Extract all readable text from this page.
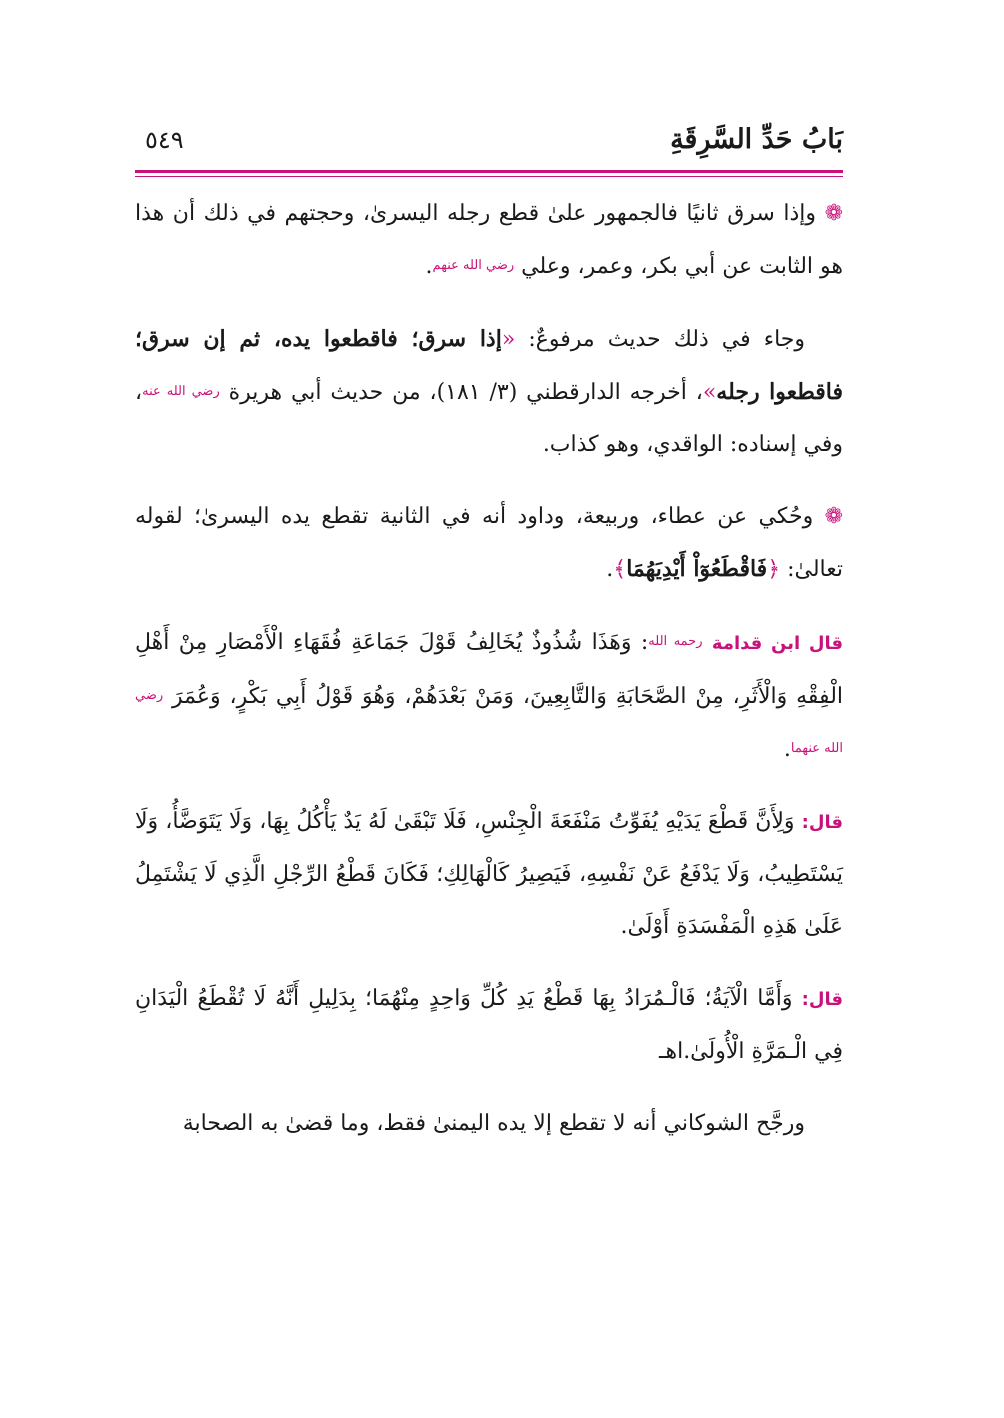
بَابُ حَدِّ السَّرِقَةِ
٥٤٩

❁ وإذا سرق ثانيًا فالجمهور علىٰ قطع رجله اليسرىٰ، وحجتهم في ذلك أن هذا هو الثابت عن أبي بكر، وعمر، وعلي رضي الله عنهم.

وجاء في ذلك حديث مرفوعٌ: «إذا سرق؛ فاقطعوا يده، ثم إن سرق؛ فاقطعوا رجله»، أخرجه الدارقطني (٣/ ١٨١)، من حديث أبي هريرة رضي الله عنه، وفي إسناده: الواقدي، وهو كذاب.

❁ وحُكي عن عطاء، وربيعة، وداود أنه في الثانية تقطع يده اليسرىٰ؛ لقوله تعالىٰ: ﴿فَاقْطَعُوٓاْ أَيْدِيَهُمَا﴾.

قال ابن قدامة رحمه الله: وَهَذَا شُذُوذٌ يُخَالِفُ قَوْلَ جَمَاعَةِ فُقَهَاءِ الْأَمْصَارِ مِنْ أَهْلِ الْفِقْهِ وَالْأَثَرِ، مِنْ الصَّحَابَةِ وَالتَّابِعِينَ، وَمَنْ بَعْدَهُمْ، وَهُوَ قَوْلُ أَبِي بَكْرٍ، وَعُمَرَ رضي الله عنهما.

قال: وَلِأَنَّ قَطْعَ يَدَيْهِ يُفَوِّتُ مَنْفَعَةَ الْجِنْسِ، فَلَا تَبْقَىٰ لَهُ يَدٌ يَأْكُلُ بِهَا، وَلَا يَتَوَضَّأُ، وَلَا يَسْتَطِيبُ، وَلَا يَدْفَعُ عَنْ نَفْسِهِ، فَيَصِيرُ كَالْهَالِكِ؛ فَكَانَ قَطْعُ الرِّجْلِ الَّذِي لَا يَشْتَمِلُ عَلَىٰ هَذِهِ الْمَفْسَدَةِ أَوْلَىٰ.

قال: وَأَمَّا الْآيَةُ؛ فَالْـمُرَادُ بِهَا قَطْعُ يَدِ كُلِّ وَاحِدٍ مِنْهُمَا؛ بِدَلِيلِ أَنَّهُ لَا تُقْطَعُ الْيَدَانِ فِي الْـمَرَّةِ الْأُولَىٰ.اهـ

ورجَّح الشوكاني أنه لا تقطع إلا يده اليمنىٰ فقط، وما قضىٰ به الصحابة
